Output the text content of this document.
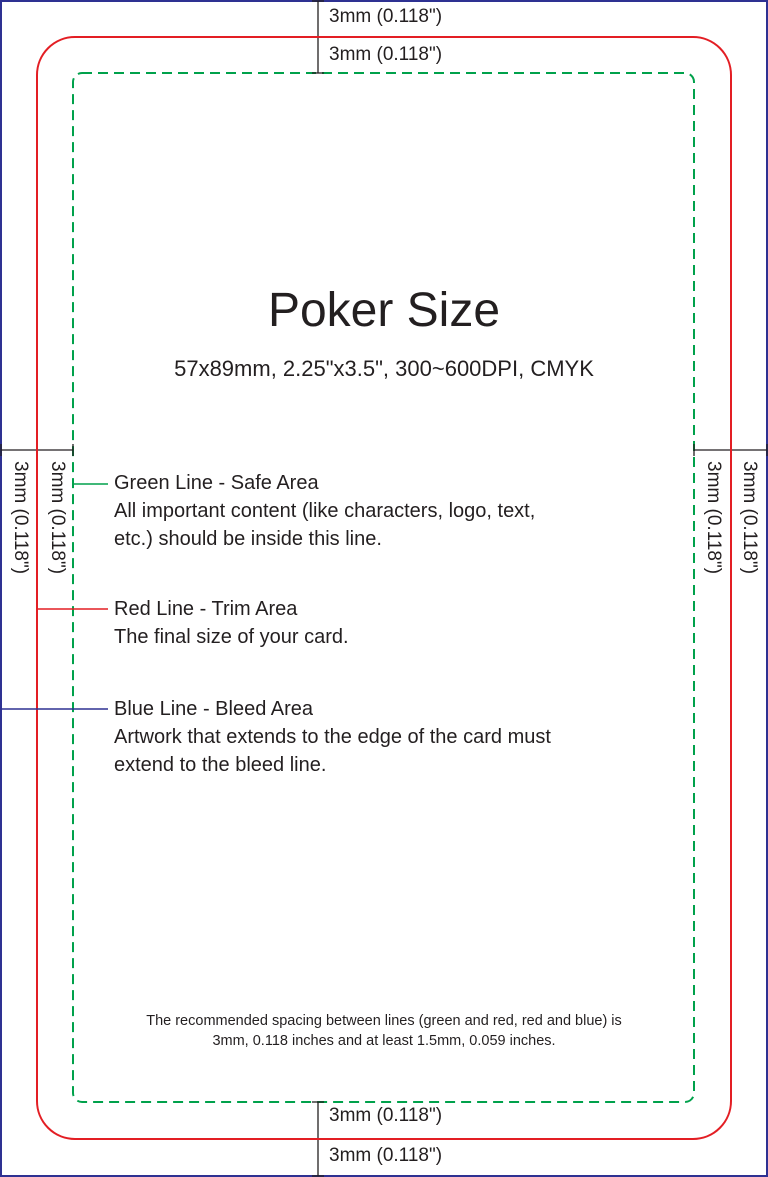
3mm (0.118")
3mm (0.118")
3mm (0.118")
3mm (0.118")
3mm (0.118") 3mm (0.118")	3mm (0.118") 3mm (0.118")
Poker Size
57x89mm, 2.25"x3.5", 300~600DPI, CMYK
Green Line - Safe Area
All important content (like characters, logo, text,
etc.) should be inside this line.
Red Line - Trim Area
The final size of your card.
Blue Line - Bleed Area
Artwork that extends to the edge of the card must
extend to the bleed line.
The recommended spacing between lines (green and red, red and blue) is
3mm, 0.118 inches and at least 1.5mm, 0.059 inches.
